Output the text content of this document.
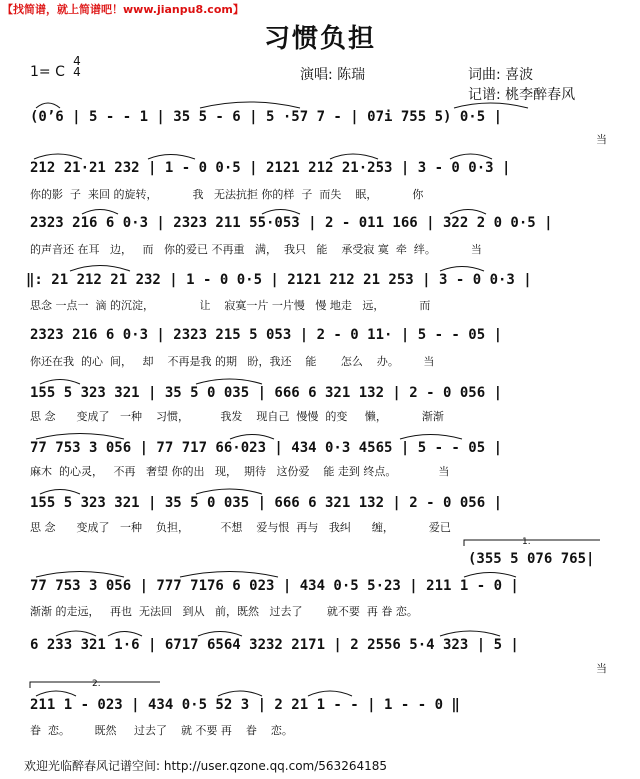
【找简谱，就上简谱吧！www.jianpu8.com】
习惯负担
1= C
4
4	演唱: 陈瑞	词曲: 喜波
记谱: 桃李醉春风
(0’6 | 5 - - 1 | 35 5 - 6 | 5 ·57 7 - | 07i 755 5) 0·5 |
当
212 21·21 232 | 1 - 0 0·5 | 2121 212 21·253 | 3 - 0 0·3 |
你的影  子  来回 的旋转，          我   无法抗拒 你的样  子  而失    眠，          你
2323 216 6 0·3 | 2323 211 55·053 | 2 - 011 166 | 322 2 0 0·5 |
的声音还 在耳   边，   而   你的爱已 不再重   满，  我只   能    承受寂 寞  牵  绊。          当
‖: 21 212 21 232 | 1 - 0 0·5 | 2121 212 21 253 | 3 - 0 0·3 |
思念 一点一  滴 的沉淀，             让    寂寞一片 一片慢   慢 地走   远，          而
2323 216 6 0·3 | 2323 215 5 053 | 2 - 0 11· | 5 - - 05 |
你还在我  的心  间，   却    不再是我 的期   盼，我还    能       怎么    办。       当
155 5 323 321 | 35 5 0 035 | 666 6 321 132 | 2 - 0 056 |
思 念      变成了   一种    习惯，         我发    现自己  慢慢  的变     懒，          渐渐
77 753 3 056 | 77 717 66·023 | 434 0·3 4565 | 5 - - 05 |
麻木  的心灵，   不再   奢望 你的出   现，  期待   这份爱    能 走到 终点。            当
155 5 323 321 | 35 5 0 035 | 666 6 321 132 | 2 - 0 056 |
思 念      变成了   一种    负担，         不想    爱与恨  再与   我纠      缠，          爱已
(355 5 076 765|
77 753 3 056 | 777 7176 6 023 | 434 0·5 5·23 | 211 1 - 0 |
渐渐 的走远，   再也  无法回   到从   前，既然   过去了       就不要  再 眷 恋。
6 233 321 1·6 | 6717 6564 3232 2171 | 2 2556 5·4 323 | 5 |
当
2.
1.
211 1 - 023 | 434 0·5 52 3 | 2 21 1 - - | 1 - - 0 ‖
眷  恋。       既然     过去了    就 不要 再    眷    恋。
欢迎光临醉春风记谱空间: http://user.qzone.qq.com/563264185
